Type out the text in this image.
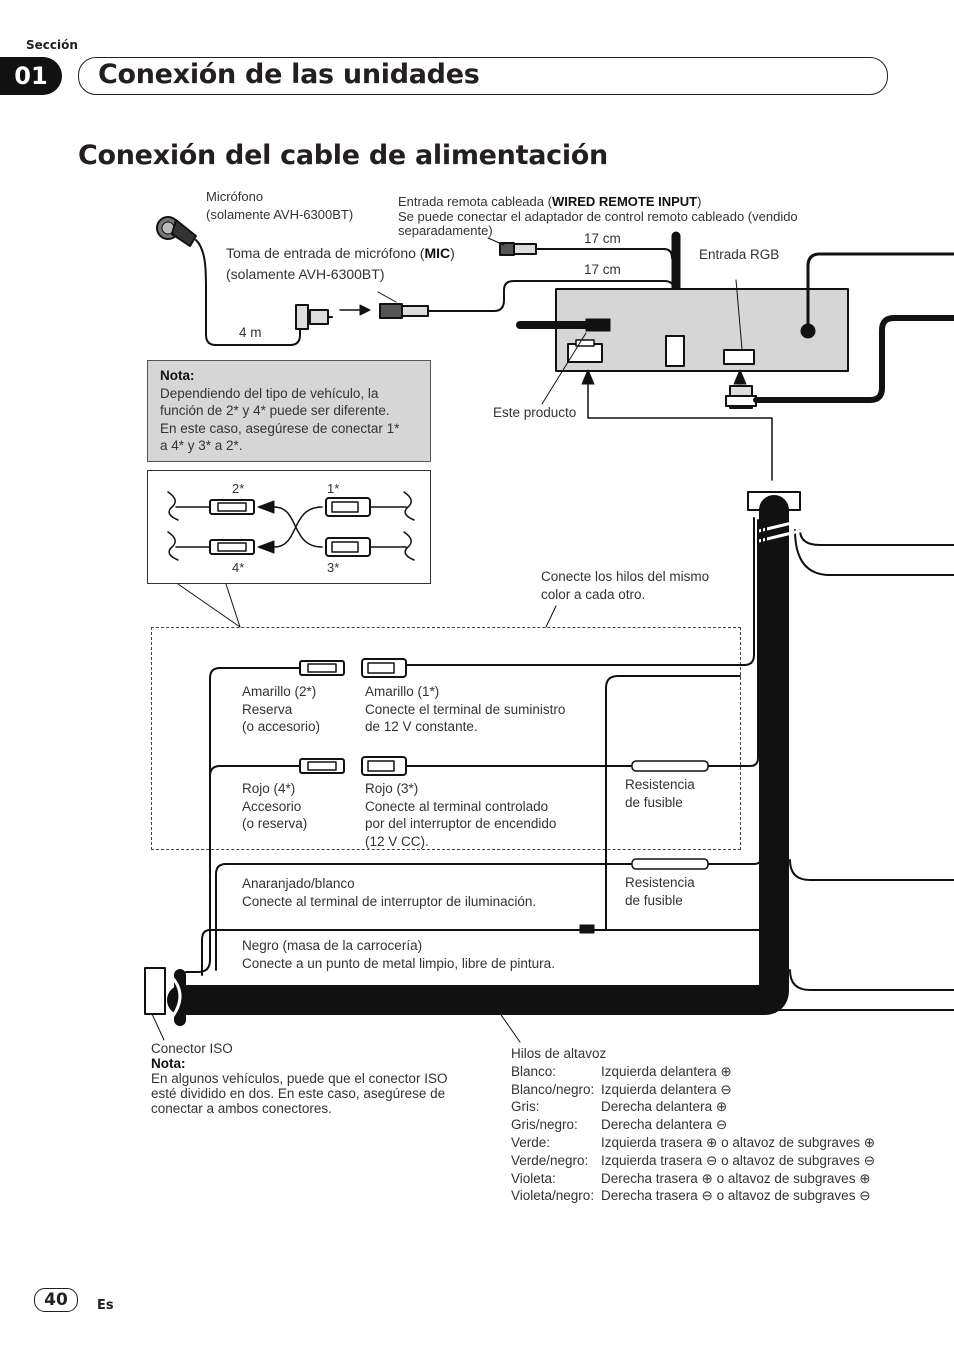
Sección
01	Conexión de las unidades
Conexión del cable de alimentación
Micrófono
(solamente AVH-6300BT)
Entrada remota cableada (WIRED REMOTE INPUT)
Se puede conectar el adaptador de control remoto cableado (vendido
separadamente)
17 cm
17 cm
Entrada RGB
Toma de entrada de micrófono (MIC)
(solamente AVH-6300BT)
4 m
Este producto
Nota:
Dependiendo del tipo de vehículo, la
función de 2* y 4* puede ser diferente.
En este caso, asegúrese de conectar 1*
a 4* y 3* a 2*.
2*	1*
4*	3*
Conecte los hilos del mismo
color a cada otro.
Amarillo (2*)
Reserva
(o accesorio)
Amarillo (1*)
Conecte el terminal de suministro
de 12 V constante.
Rojo (4*)
Accesorio
(o reserva)
Rojo (3*)
Conecte al terminal controlado
por del interruptor de encendido
(12 V CC).
Resistencia
de fusible
Resistencia
de fusible
Anaranjado/blanco
Conecte al terminal de interruptor de iluminación.
Negro (masa de la carrocería)
Conecte a un punto de metal limpio, libre de pintura.
Conector ISO
Nota:
En algunos vehículos, puede que el conector ISO
esté dividido en dos. En este caso, asegúrese de
conectar a ambos conectores.
Hilos de altavoz
Blanco:	Izquierda delantera ⊕
Blanco/negro: Izquierda delantera ⊖
Gris:	Derecha delantera ⊕
Gris/negro:	Derecha delantera ⊖
Verde:	Izquierda trasera ⊕ o altavoz de subgraves ⊕
Verde/negro: Izquierda trasera ⊖ o altavoz de subgraves ⊖
Violeta:	Derecha trasera ⊕ o altavoz de subgraves ⊕
Violeta/negro: Derecha trasera ⊖ o altavoz de subgraves ⊖
40	Es
